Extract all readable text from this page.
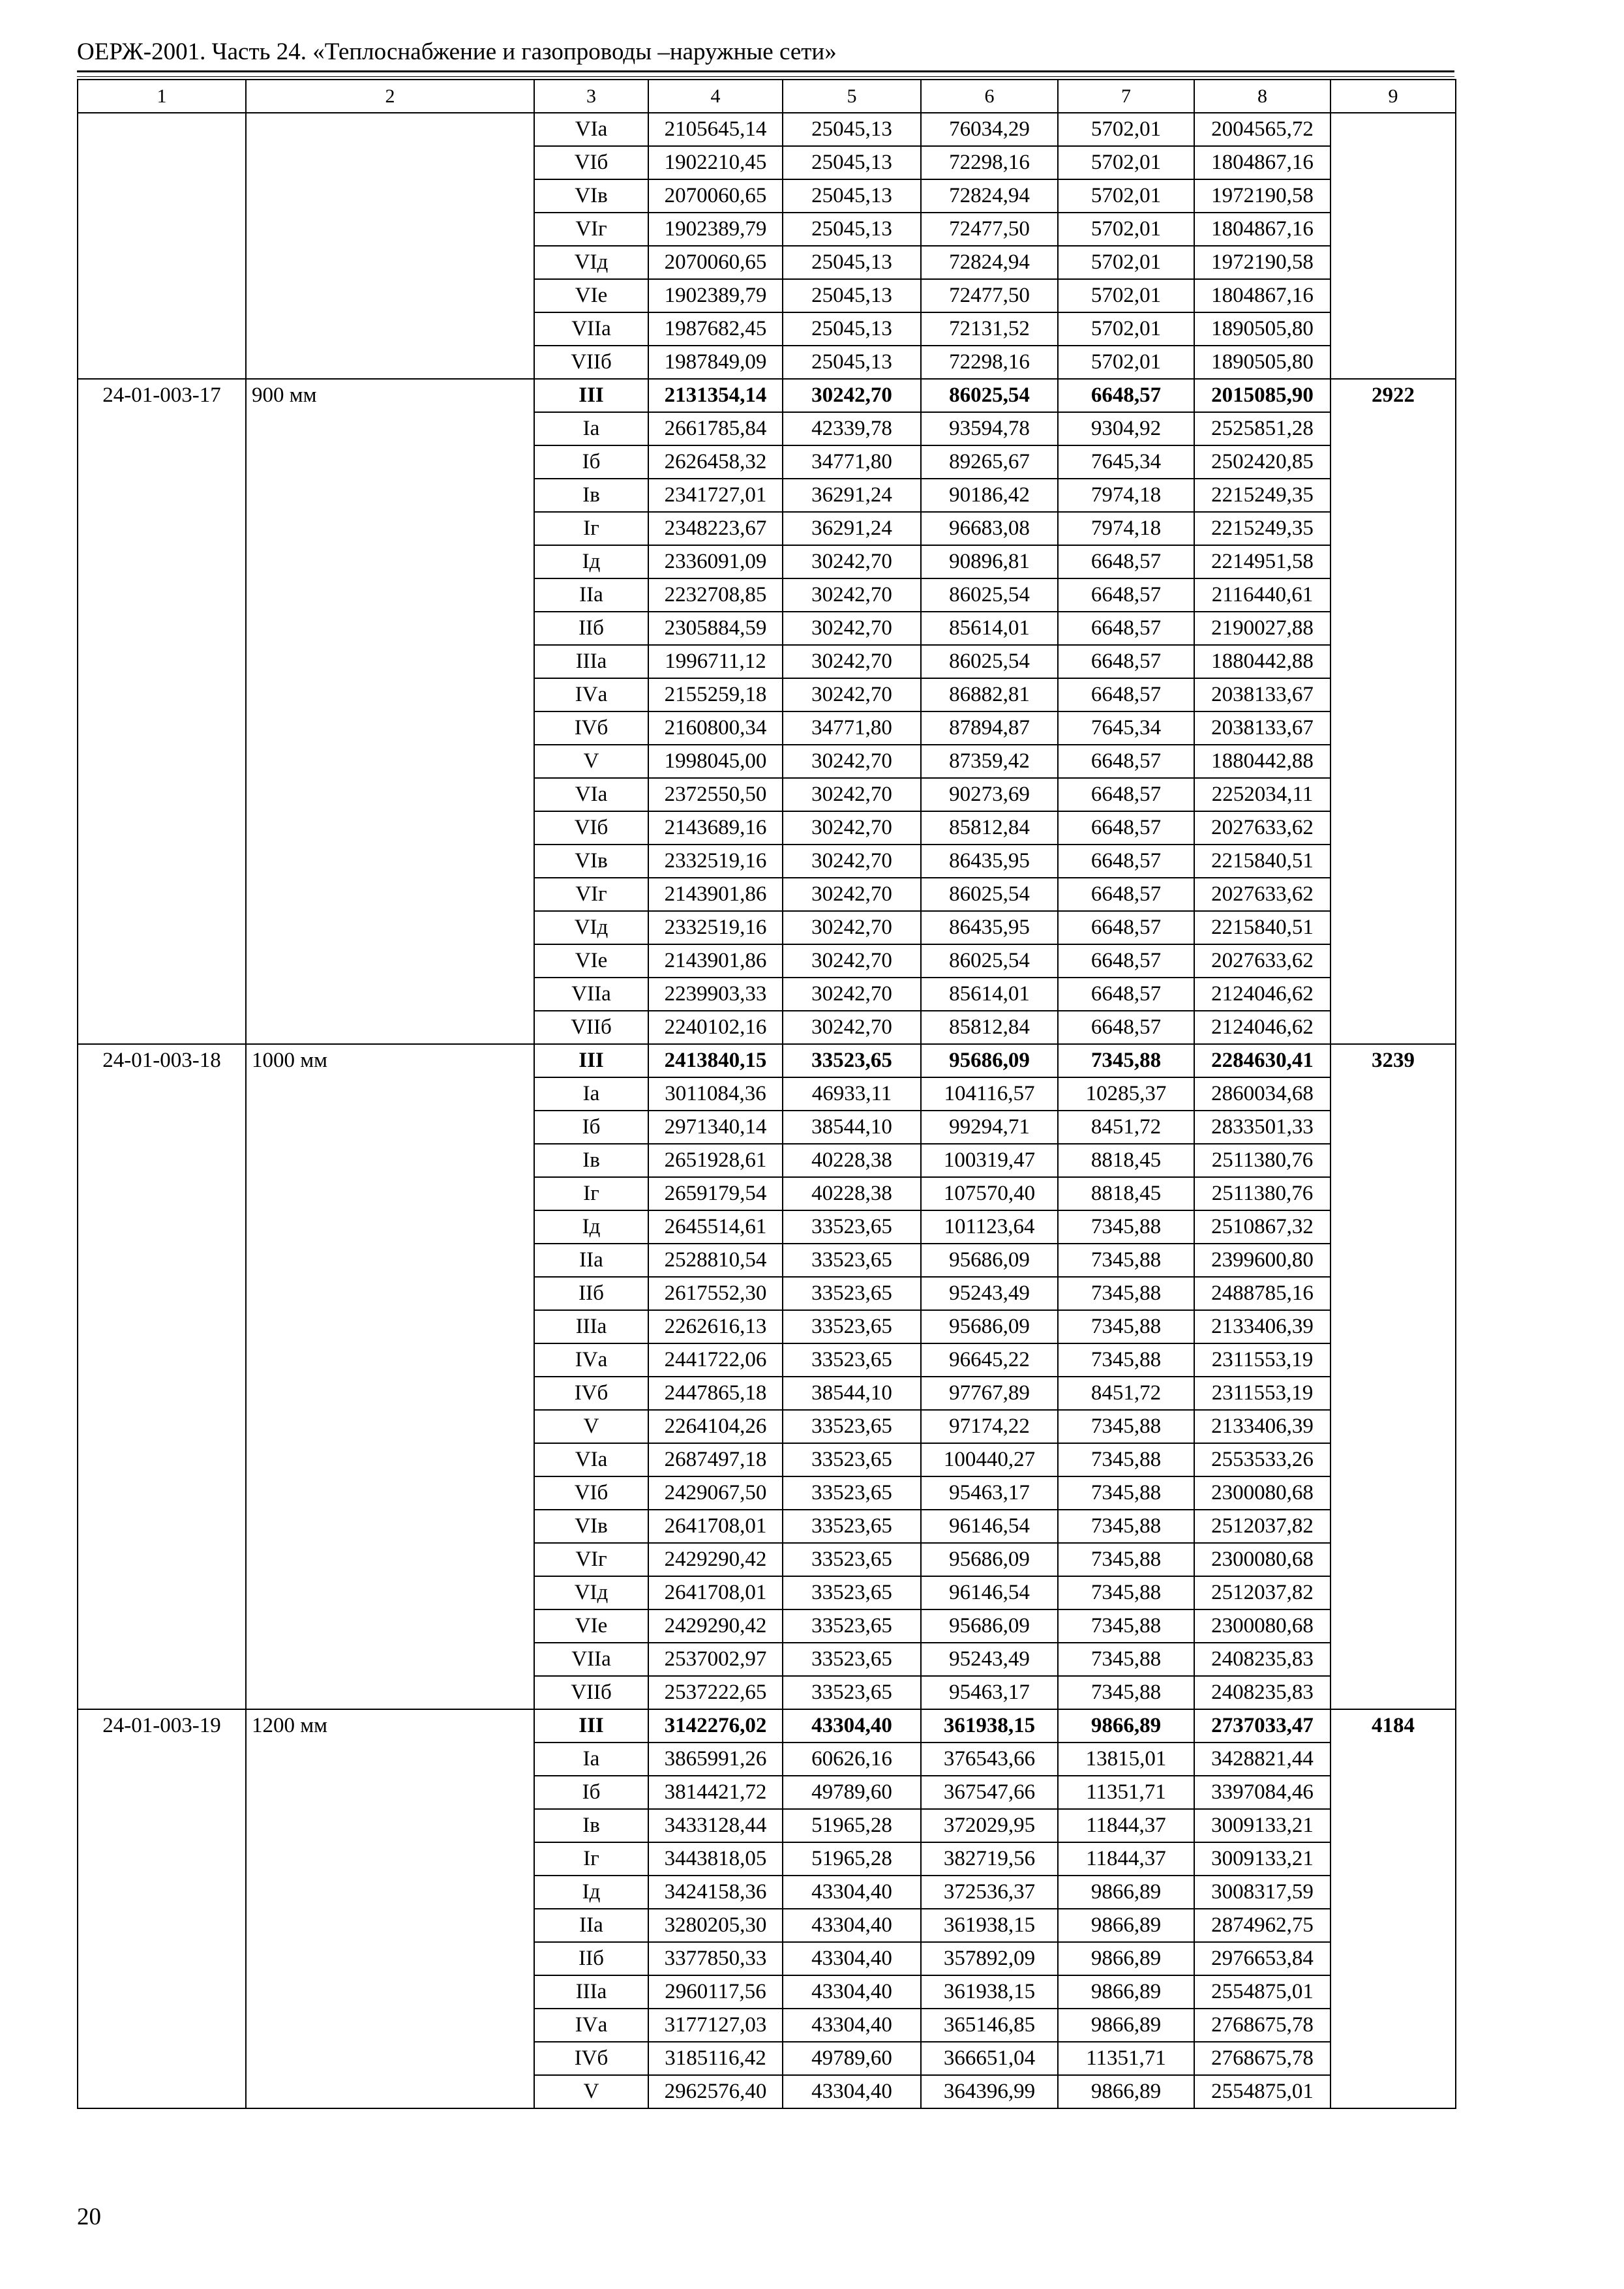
ОЕРЖ-2001. Часть 24. «Теплоснабжение и газопроводы –наружные сети»
1	2	3	4	5	6	7	8	9
		VIа	2105645,14	25045,13	76034,29	5702,01	2004565,72	
		VIб	1902210,45	25045,13	72298,16	5702,01	1804867,16	
		VIв	2070060,65	25045,13	72824,94	5702,01	1972190,58	
		VIг	1902389,79	25045,13	72477,50	5702,01	1804867,16	
		VIд	2070060,65	25045,13	72824,94	5702,01	1972190,58	
		VIе	1902389,79	25045,13	72477,50	5702,01	1804867,16	
		VIIа	1987682,45	25045,13	72131,52	5702,01	1890505,80	
		VIIб	1987849,09	25045,13	72298,16	5702,01	1890505,80	
24-01-003-17	900 мм	III	2131354,14	30242,70	86025,54	6648,57	2015085,90	2922
		Iа	2661785,84	42339,78	93594,78	9304,92	2525851,28	
		Iб	2626458,32	34771,80	89265,67	7645,34	2502420,85	
		Iв	2341727,01	36291,24	90186,42	7974,18	2215249,35	
		Iг	2348223,67	36291,24	96683,08	7974,18	2215249,35	
		Iд	2336091,09	30242,70	90896,81	6648,57	2214951,58	
		IIа	2232708,85	30242,70	86025,54	6648,57	2116440,61	
		IIб	2305884,59	30242,70	85614,01	6648,57	2190027,88	
		IIIа	1996711,12	30242,70	86025,54	6648,57	1880442,88	
		IVа	2155259,18	30242,70	86882,81	6648,57	2038133,67	
		IVб	2160800,34	34771,80	87894,87	7645,34	2038133,67	
		V	1998045,00	30242,70	87359,42	6648,57	1880442,88	
		VIа	2372550,50	30242,70	90273,69	6648,57	2252034,11	
		VIб	2143689,16	30242,70	85812,84	6648,57	2027633,62	
		VIв	2332519,16	30242,70	86435,95	6648,57	2215840,51	
		VIг	2143901,86	30242,70	86025,54	6648,57	2027633,62	
		VIд	2332519,16	30242,70	86435,95	6648,57	2215840,51	
		VIе	2143901,86	30242,70	86025,54	6648,57	2027633,62	
		VIIа	2239903,33	30242,70	85614,01	6648,57	2124046,62	
		VIIб	2240102,16	30242,70	85812,84	6648,57	2124046,62	
24-01-003-18	1000 мм	III	2413840,15	33523,65	95686,09	7345,88	2284630,41	3239
		Iа	3011084,36	46933,11	104116,57	10285,37	2860034,68	
		Iб	2971340,14	38544,10	99294,71	8451,72	2833501,33	
		Iв	2651928,61	40228,38	100319,47	8818,45	2511380,76	
		Iг	2659179,54	40228,38	107570,40	8818,45	2511380,76	
		Iд	2645514,61	33523,65	101123,64	7345,88	2510867,32	
		IIа	2528810,54	33523,65	95686,09	7345,88	2399600,80	
		IIб	2617552,30	33523,65	95243,49	7345,88	2488785,16	
		IIIа	2262616,13	33523,65	95686,09	7345,88	2133406,39	
		IVа	2441722,06	33523,65	96645,22	7345,88	2311553,19	
		IVб	2447865,18	38544,10	97767,89	8451,72	2311553,19	
		V	2264104,26	33523,65	97174,22	7345,88	2133406,39	
		VIа	2687497,18	33523,65	100440,27	7345,88	2553533,26	
		VIб	2429067,50	33523,65	95463,17	7345,88	2300080,68	
		VIв	2641708,01	33523,65	96146,54	7345,88	2512037,82	
		VIг	2429290,42	33523,65	95686,09	7345,88	2300080,68	
		VIд	2641708,01	33523,65	96146,54	7345,88	2512037,82	
		VIе	2429290,42	33523,65	95686,09	7345,88	2300080,68	
		VIIа	2537002,97	33523,65	95243,49	7345,88	2408235,83	
		VIIб	2537222,65	33523,65	95463,17	7345,88	2408235,83	
24-01-003-19	1200 мм	III	3142276,02	43304,40	361938,15	9866,89	2737033,47	4184
		Iа	3865991,26	60626,16	376543,66	13815,01	3428821,44	
		Iб	3814421,72	49789,60	367547,66	11351,71	3397084,46	
		Iв	3433128,44	51965,28	372029,95	11844,37	3009133,21	
		Iг	3443818,05	51965,28	382719,56	11844,37	3009133,21	
		Iд	3424158,36	43304,40	372536,37	9866,89	3008317,59	
		IIа	3280205,30	43304,40	361938,15	9866,89	2874962,75	
		IIб	3377850,33	43304,40	357892,09	9866,89	2976653,84	
		IIIа	2960117,56	43304,40	361938,15	9866,89	2554875,01	
		IVа	3177127,03	43304,40	365146,85	9866,89	2768675,78	
		IVб	3185116,42	49789,60	366651,04	11351,71	2768675,78	
		V	2962576,40	43304,40	364396,99	9866,89	2554875,01	
20
